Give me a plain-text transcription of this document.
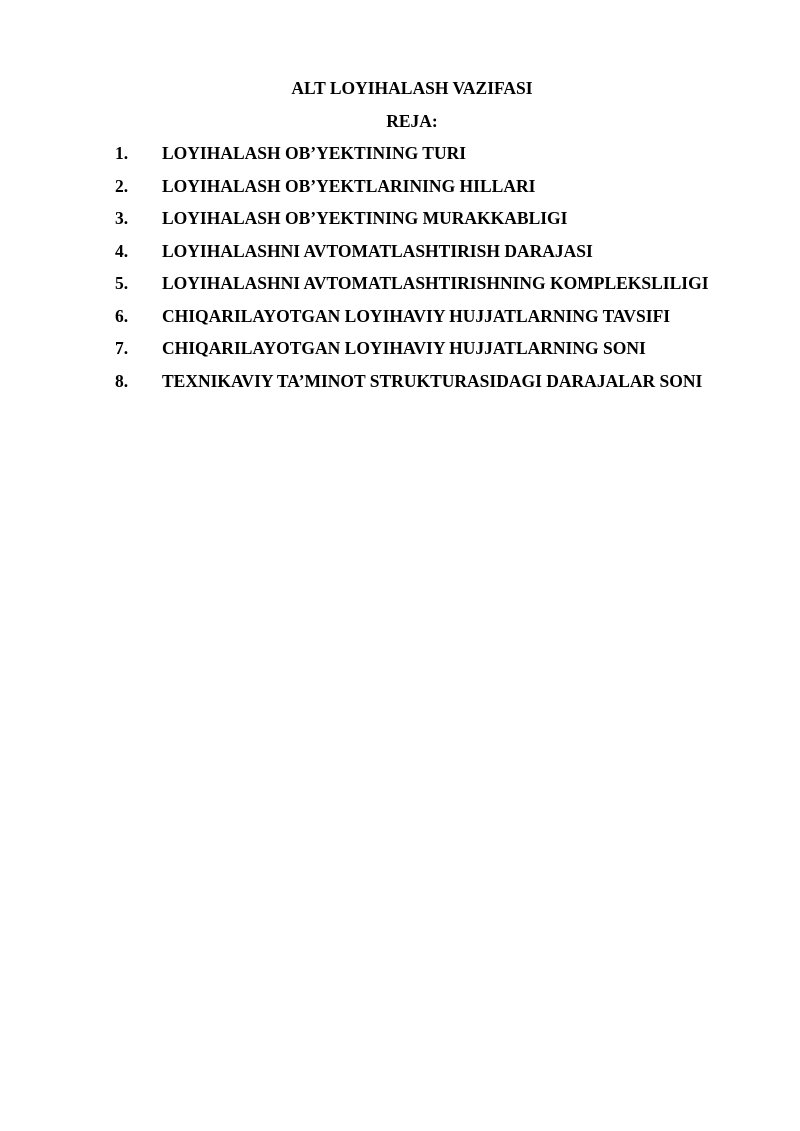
ALT LOYIHALASH VAZIFASI

REJA:

1. LOYIHALASH OB’YEKTINING TURI

2. LOYIHALASH OB’YEKTLARINING HILLARI

3. LOYIHALASH OB’YEKTINING MURAKKABLIGI

4. LOYIHALASHNI AVTOMATLASHTIRISH DARAJASI

5. LOYIHALASHNI AVTOMATLASHTIRISHNING KOMPLEKSLILIGI

6. CHIQARILAYOTGAN LOYIHAVIY HUJJATLARNING TAVSIFI

7. CHIQARILAYOTGAN LOYIHAVIY HUJJATLARNING SONI

8. TEXNIKAVIY TA’MINOT STRUKTURASIDAGI DARAJALAR SONI
